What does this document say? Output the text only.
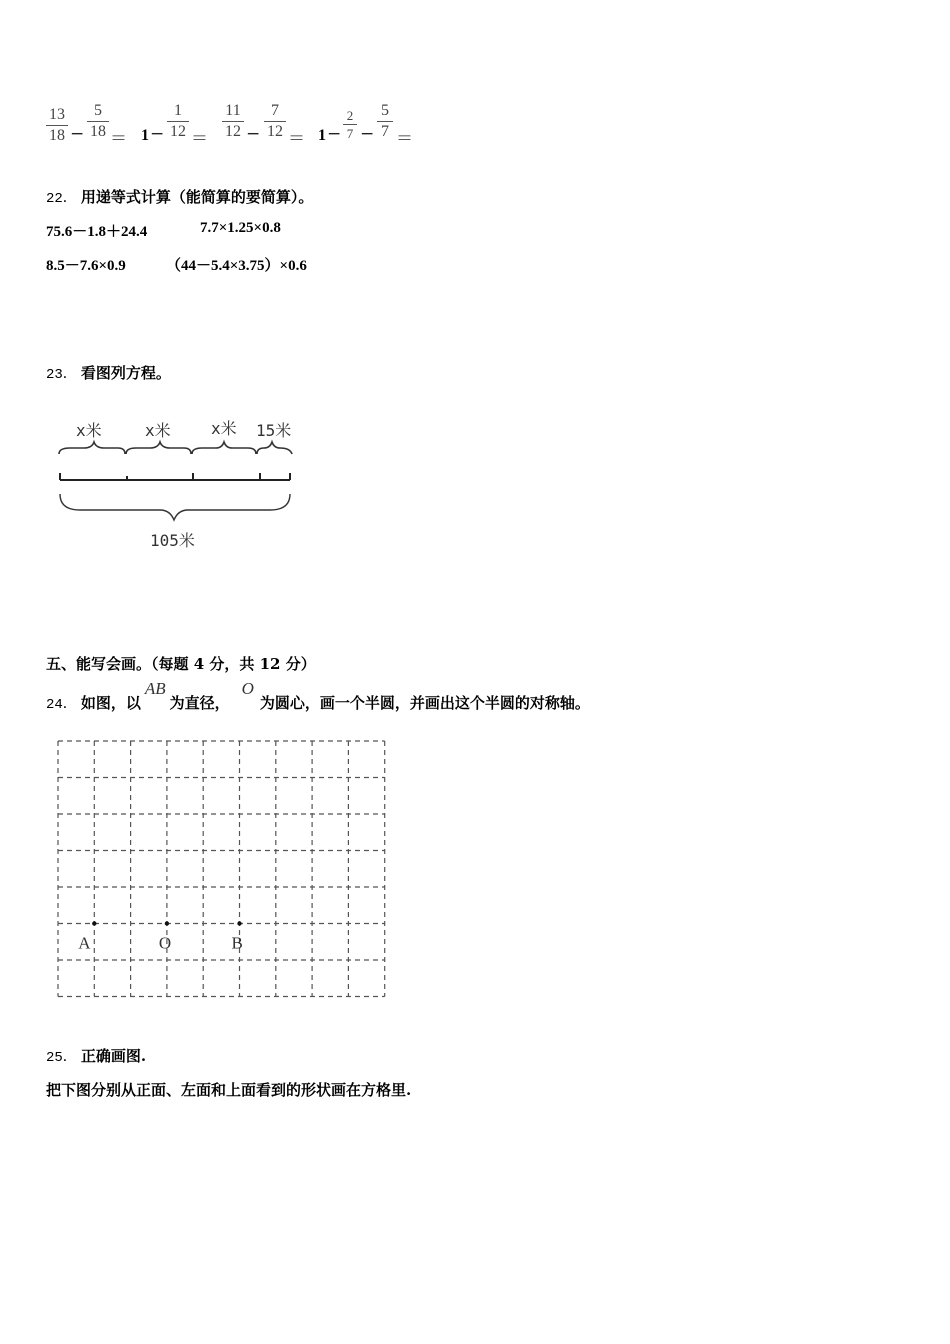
13
18 −
5
18 ＝ 1 −
1
12 ＝
11
12 −
7
12 ＝ 1 −
2
7 −
5
7 ＝
22． 用递等式计算（能简算的要简算）。
75.6－1.8＋24.4	7.7×1.25×0.8
8.5－7.6×0.9	（44－5.4×3.75）×0.6
23． 看图列方程。
x米	x米	x米 15米
105米
五、能写会画。（每题 4 分，共 12 分）
24． 如图，以AB为直径，O为圆心，画一个半圆，并画出这个半圆的对称轴。
A	O	B
25． 正确画图.
把下图分别从正面、左面和上面看到的形状画在方格里.
